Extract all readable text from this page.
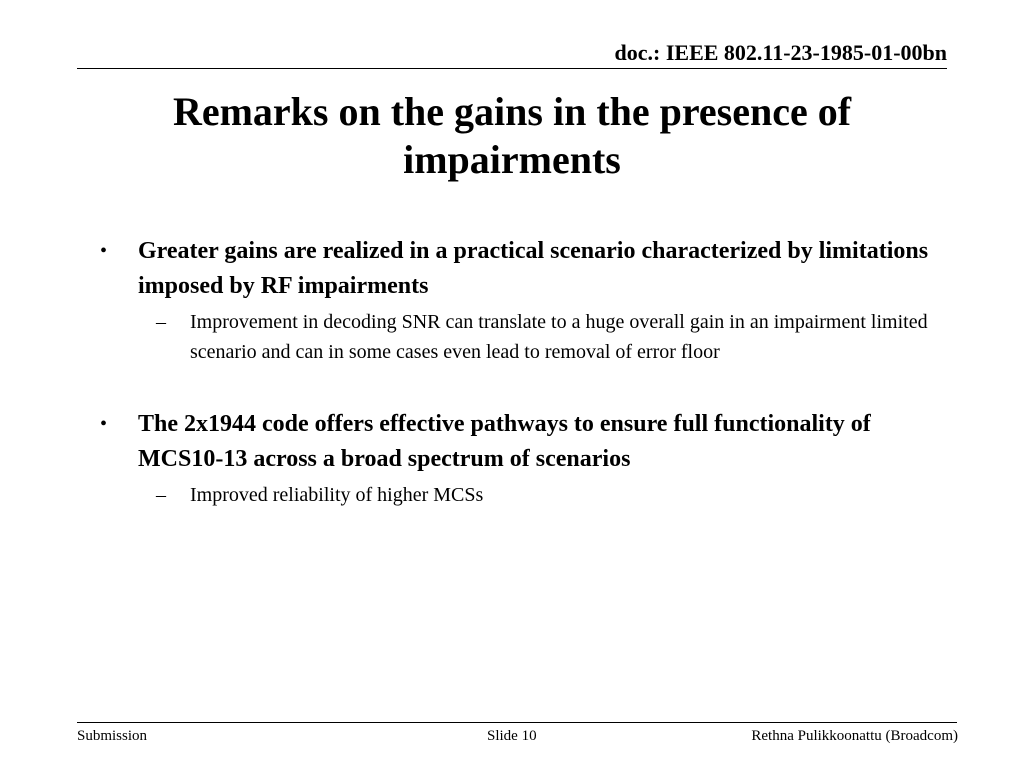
doc.: IEEE 802.11-23-1985-01-00bn
Remarks on the gains in the presence of impairments
• Greater gains are realized in a practical scenario characterized by limitations imposed by RF impairments
– Improvement in decoding SNR can translate to a huge overall gain in an impairment limited scenario and can in some cases even lead to removal of error floor
• The 2x1944 code offers effective pathways to ensure full functionality of MCS10-13 across a broad spectrum of scenarios
– Improved reliability of higher MCSs
Submission	Slide 10	Rethna Pulikkoonattu (Broadcom)
